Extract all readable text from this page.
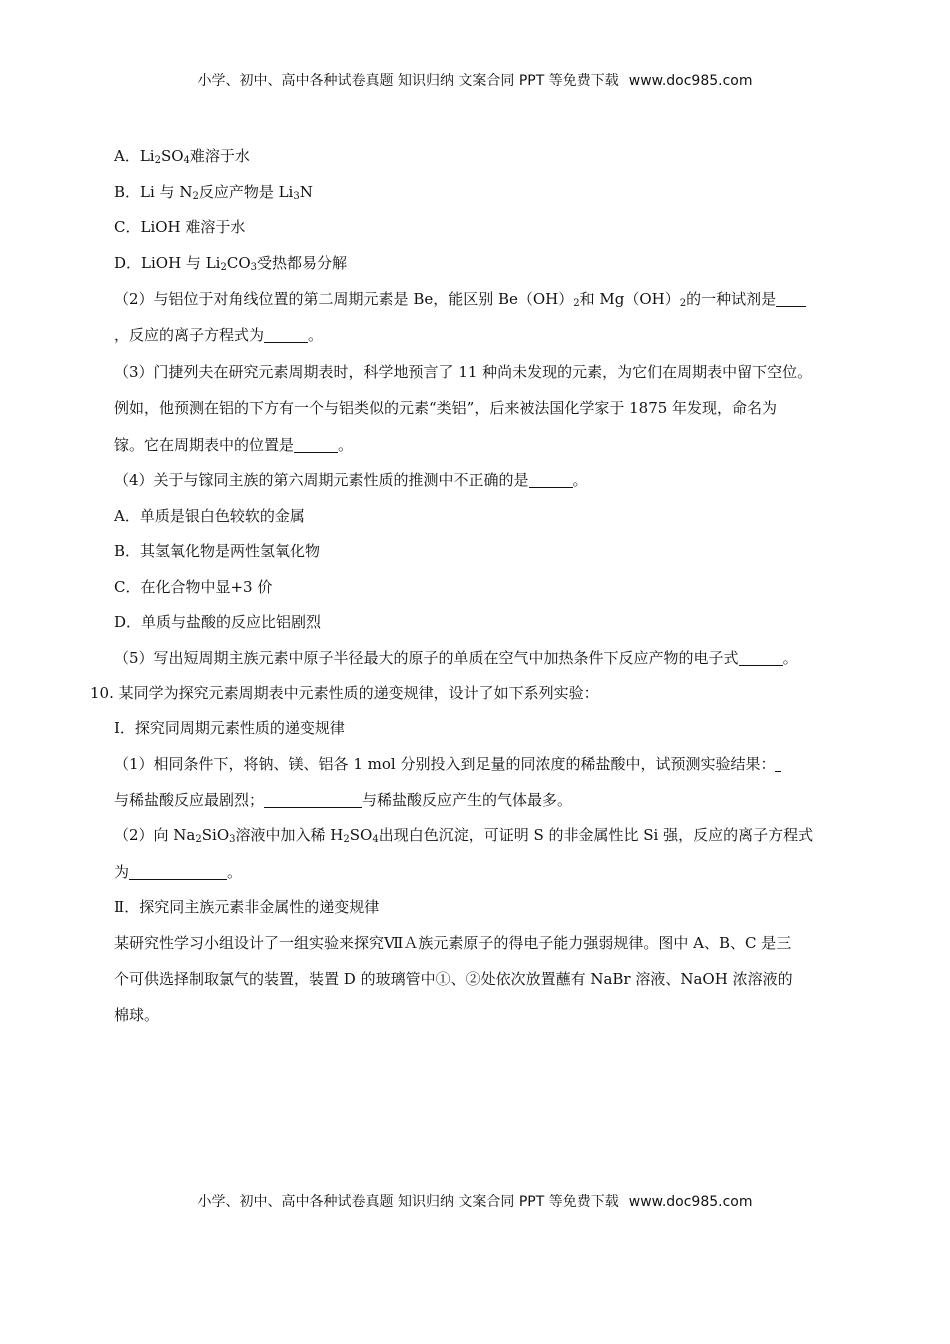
小学、初中、高中各种试卷真题 知识归纳 文案合同 PPT 等免费下载 www.doc985.com
A．$Li_2SO_4$难溶于水
B．Li 与 $N_2$反应产物是 $Li_3N$
C．LiOH 难溶于水
D．LiOH 与 $Li_2CO_3$受热都易分解
（2）与铝位于对角线位置的第二周期元素是 Be，能区别 $Be(OH)_2$和 $Mg(OH)_2$的一种试剂是
，反应的离子方程式为	。
（3）门捷列夫在研究元素周期表时，科学地预言了 11 种尚未发现的元素，为它们在周期表中留下空位。
例如，他预测在铝的下方有一个与铝类似的元素“类铝”，后来被法国化学家于 1875 年发现，命名为
镓。它在周期表中的位置是	。
（4）关于与镓同主族的第六周期元素性质的推测中不正确的是	。
A．单质是银白色较软的金属
B．其氢氧化物是两性氢氧化物
C．在化合物中显+3 价
D．单质与盐酸的反应比铝剧烈
（5）写出短周期主族元素中原子半径最大的原子的单质在空气中加热条件下反应产物的电子式	。
10. 某同学为探究元素周期表中元素性质的递变规律，设计了如下系列实验：
Ⅰ．探究同周期元素性质的递变规律
（1）相同条件下，将钠、镁、铝各 1 mol 分别投入到足量的同浓度的稀盐酸中，试预测实验结果：
与稀盐酸反应最剧烈；	与稀盐酸反应产生的气体最多。
（2）向 $Na_2SiO_3$溶液中加入稀 $H_2SO_4$出现白色沉淀，可证明 S 的非金属性比 Si 强，反应的离子方程式
为	。
Ⅱ．探究同主族元素非金属性的递变规律
某研究性学习小组设计了一组实验来探究ⅦＡ族元素原子的得电子能力强弱规律。图中 A、B、C 是三
个可供选择制取氯气的装置，装置 D 的玻璃管中①、②处依次放置蘸有 NaBr 溶液、NaOH 浓溶液的
棉球。
小学、初中、高中各种试卷真题 知识归纳 文案合同 PPT 等免费下载 www.doc985.com
